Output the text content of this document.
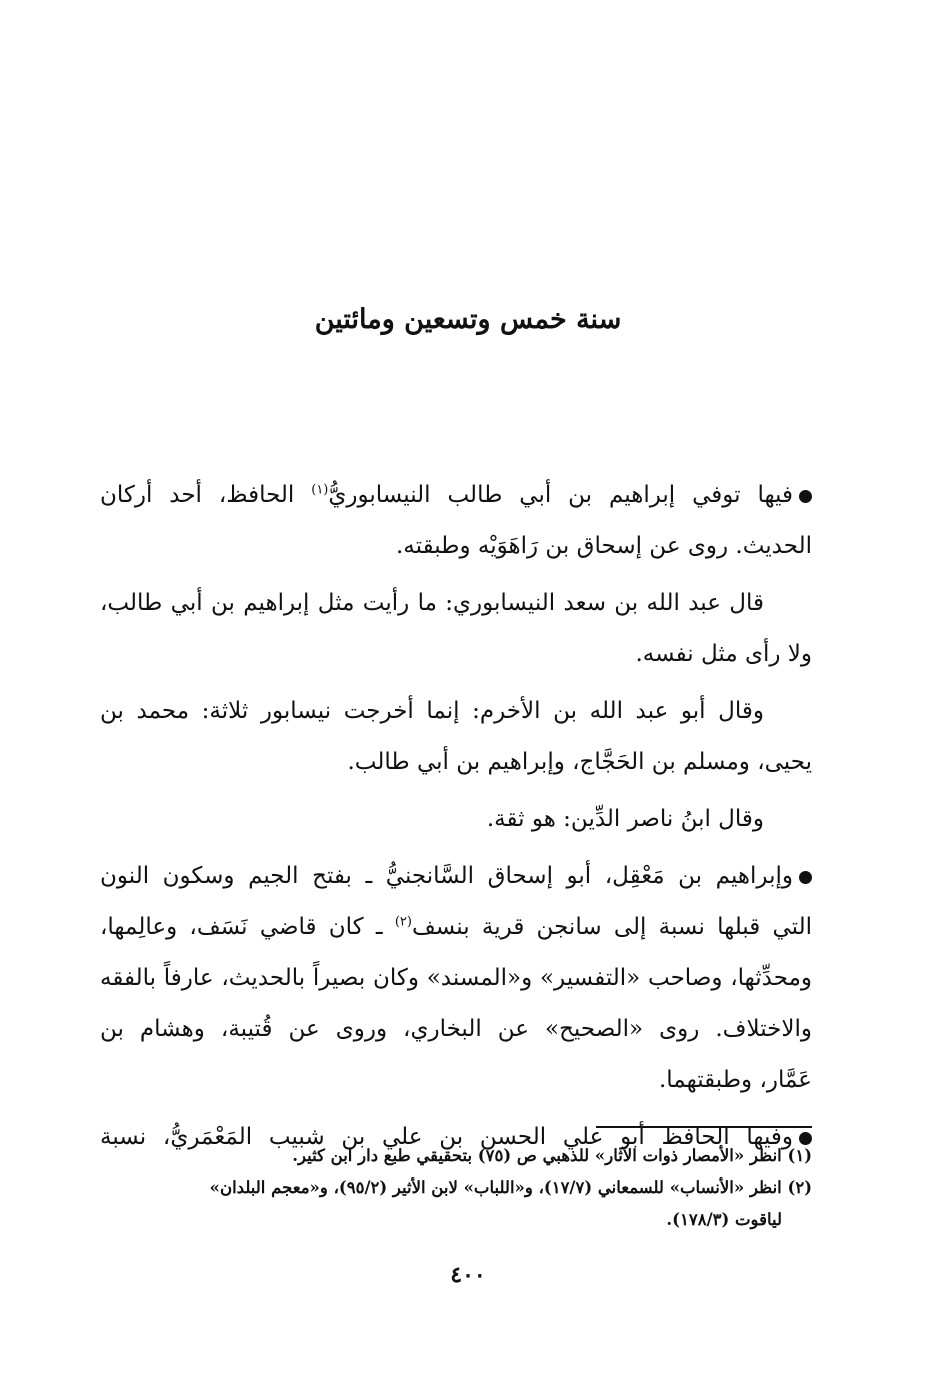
سنة خمس وتسعين ومائتين
فيها توفي إبراهيم بن أبي طالب النيسابوريُّ$^{(١)}$ الحافظ، أحد أركان
الحديث. روى عن إسحاق بن رَاهَوَيْه وطبقته.
قال عبد الله بن سعد النيسابوري: ما رأيت مثل إبراهيم بن أبي طالب،
ولا رأى مثل نفسه.
وقال أبو عبد الله بن الأخرم: إنما أخرجت نيسابور ثلاثة: محمد بن
يحيى، ومسلم بن الحَجَّاج، وإبراهيم بن أبي طالب.
وقال ابنُ ناصر الدِّين: هو ثقة.
وإبراهيم بن مَعْقِل، أبو إسحاق السَّانجنيُّ ـ بفتح الجيم وسكون النون
التي قبلها نسبة إلى سانجن قرية بنسف$^{(٢)}$ ـ كان قاضي نَسَف، وعالِمها،
ومحدِّثها، وصاحب «التفسير» و«المسند» وكان بصيراً بالحديث، عارفاً بالفقه
والاختلاف. روى «الصحيح» عن البخاري، وروى عن قُتيبة، وهشام بن
عَمَّار، وطبقتهما.
وفيها الحافظ أبو علي الحسن بن علي بن شبيب المَعْمَريُّ، نسبة
(١) انظر «الأمصار ذوات الآثار» للذهبي ص (٧٥) بتحقيقي طبع دار ابن كثير.
(٢) انظر «الأنساب» للسمعاني (١٧/٧)، و«اللباب» لابن الأثير (٩٥/٢)، و«معجم البلدان»
لياقوت (١٧٨/٣).
٤٠٠
